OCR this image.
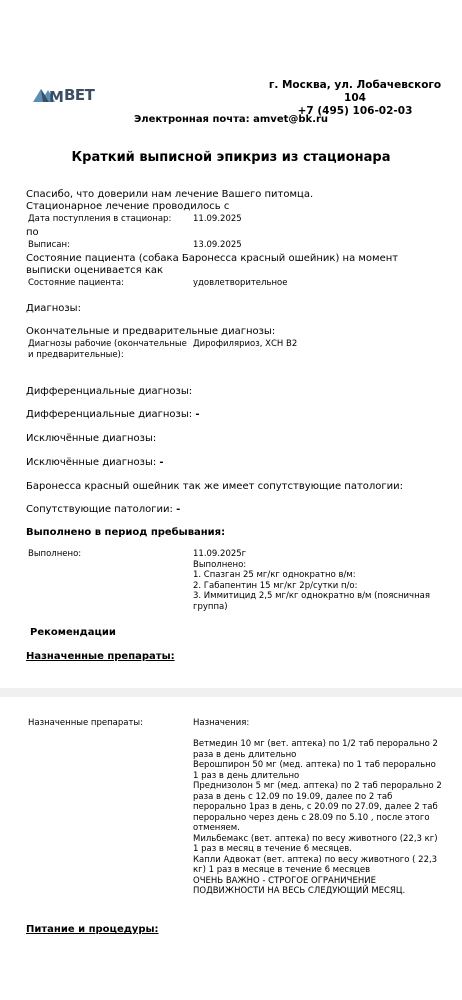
M ВЕТ
г. Москва, ул. Лобачевского
104
+7 (495) 106-02-03
Электронная почта: amvet@bk.ru
Краткий выписной эпикриз из стационара
Спасибо, что доверили нам лечение Вашего питомца.
Стационарное лечение проводилось с
Дата поступления в стационар:	11.09.2025
по
Выписан:	13.09.2025
Состояние пациента (собака Баронесса красный ошейник) на момент выписки оценивается как
Состояние пациента:	удовлетворительное
Диагнозы:
Окончательные и предварительные диагнозы:
Диагнозы рабочие (окончательные и предварительные):
Дирофиляриоз, ХСН В2
Дифференциальные диагнозы:
Дифференциальные диагнозы: -
Исключённые диагнозы:
Исключённые диагнозы: -
Баронесса красный ошейник так же имеет сопутствующие патологии:
Сопутствующие патологии: -
Выполнено в период пребывания:
Выполнено:	11.09.2025г
Выполнено:
1. Спазган 25 мг/кг однократно в/м:
2. Габапентин 15 мг/кг 2р/сутки п/о:
3. Иммитицид 2,5 мг/кг однократно в/м (поясничная группа)
Рекомендации
Назначенные препараты:
Назначенные препараты:	Назначения:
Ветмедин 10 мг (вет. аптека) по 1/2 таб перорально 2 раза в день длительно
Верошпирон 50 мг (мед. аптека) по 1 таб перорально 1 раз в день длительно
Преднизолон 5 мг (мед. аптека) по 2 таб перорально 2 раза в день с 12.09 по 19.09, далее по 2 таб перорально 1раз в день, с 20.09 по 27.09, далее 2 таб перорально через день с 28.09 по 5.10 , после этого отменяем.
Мильбемакс (вет. аптека) по весу животного (22,3 кг) 1 раз в месяц в течение 6 месяцев.
Капли Адвокат (вет. аптека) по весу животного ( 22,3 кг) 1 раз в месяце в течение 6 месяцев
ОЧЕНЬ ВАЖНО - СТРОГОЕ ОГРАНИЧЕНИЕ ПОДВИЖНОСТИ НА ВЕСЬ СЛЕДУЮЩИЙ МЕСЯЦ.
Питание и процедуры:
